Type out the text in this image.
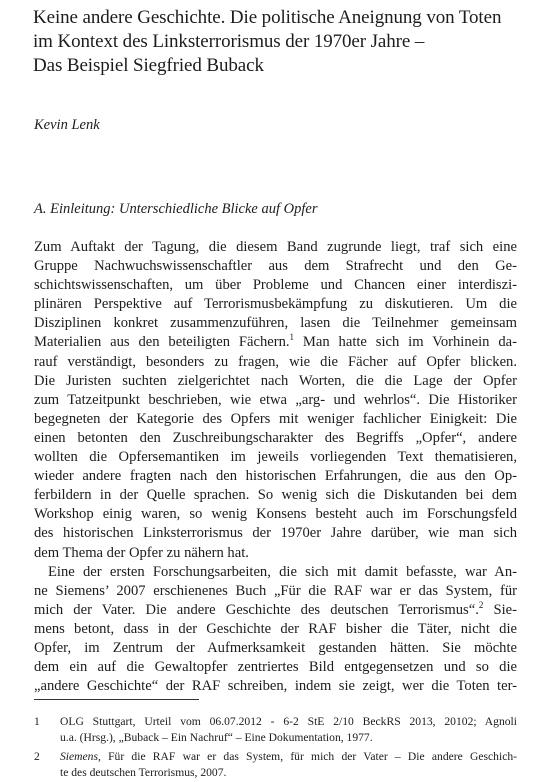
Keine andere Geschichte. Die politische Aneignung von Toten
im Kontext des Linksterrorismus der 1970er Jahre –
Das Beispiel Siegfried Buback
Kevin Lenk
A. Einleitung: Unterschiedliche Blicke auf Opfer
Zum Auftakt der Tagung, die diesem Band zugrunde liegt, traf sich eine
Gruppe Nachwuchswissenschaftler aus dem Strafrecht und den Ge-
schichtswissenschaften, um über Probleme und Chancen einer interdiszi-
plinären Perspektive auf Terrorismusbekämpfung zu diskutieren. Um die
Disziplinen konkret zusammenzuführen, lasen die Teilnehmer gemeinsam
Materialien aus den beteiligten Fächern.$^1$ Man hatte sich im Vorhinein da-
rauf verständigt, besonders zu fragen, wie die Fächer auf Opfer blicken.
Die Juristen suchten zielgerichtet nach Worten, die die Lage der Opfer
zum Tatzeitpunkt beschrieben, wie etwa „arg- und wehrlos“. Die Historiker
begegneten der Kategorie des Opfers mit weniger fachlicher Einigkeit: Die
einen betonten den Zuschreibungscharakter des Begriffs „Opfer“, andere
wollten die Opfersemantiken im jeweils vorliegenden Text thematisieren,
wieder andere fragten nach den historischen Erfahrungen, die aus den Op-
ferbildern in der Quelle sprachen. So wenig sich die Diskutanden bei dem
Workshop einig waren, so wenig Konsens besteht auch im Forschungsfeld
des historischen Linksterrorismus der 1970er Jahre darüber, wie man sich
dem Thema der Opfer zu nähern hat.
Eine der ersten Forschungsarbeiten, die sich mit damit befasste, war An-
ne Siemens’ 2007 erschienenes Buch „Für die RAF war er das System, für
mich der Vater. Die andere Geschichte des deutschen Terrorismus“.$^2$ Sie-
mens betont, dass in der Geschichte der RAF bisher die Täter, nicht die
Opfer, im Zentrum der Aufmerksamkeit gestanden hätten. Sie möchte
dem ein auf die Gewaltopfer zentriertes Bild entgegensetzen und so die
„andere Geschichte“ der RAF schreiben, indem sie zeigt, wer die Toten ter-
1 OLG Stuttgart, Urteil vom 06.07.2012 - 6-2 StE 2/10 BeckRS 2013, 20102; Agnoli
u.a. (Hrsg.), „Buback – Ein Nachruf“ – Eine Dokumentation, 1977.
2 Siemens, Für die RAF war er das System, für mich der Vater – Die andere Geschich-
te des deutschen Terrorismus, 2007.
